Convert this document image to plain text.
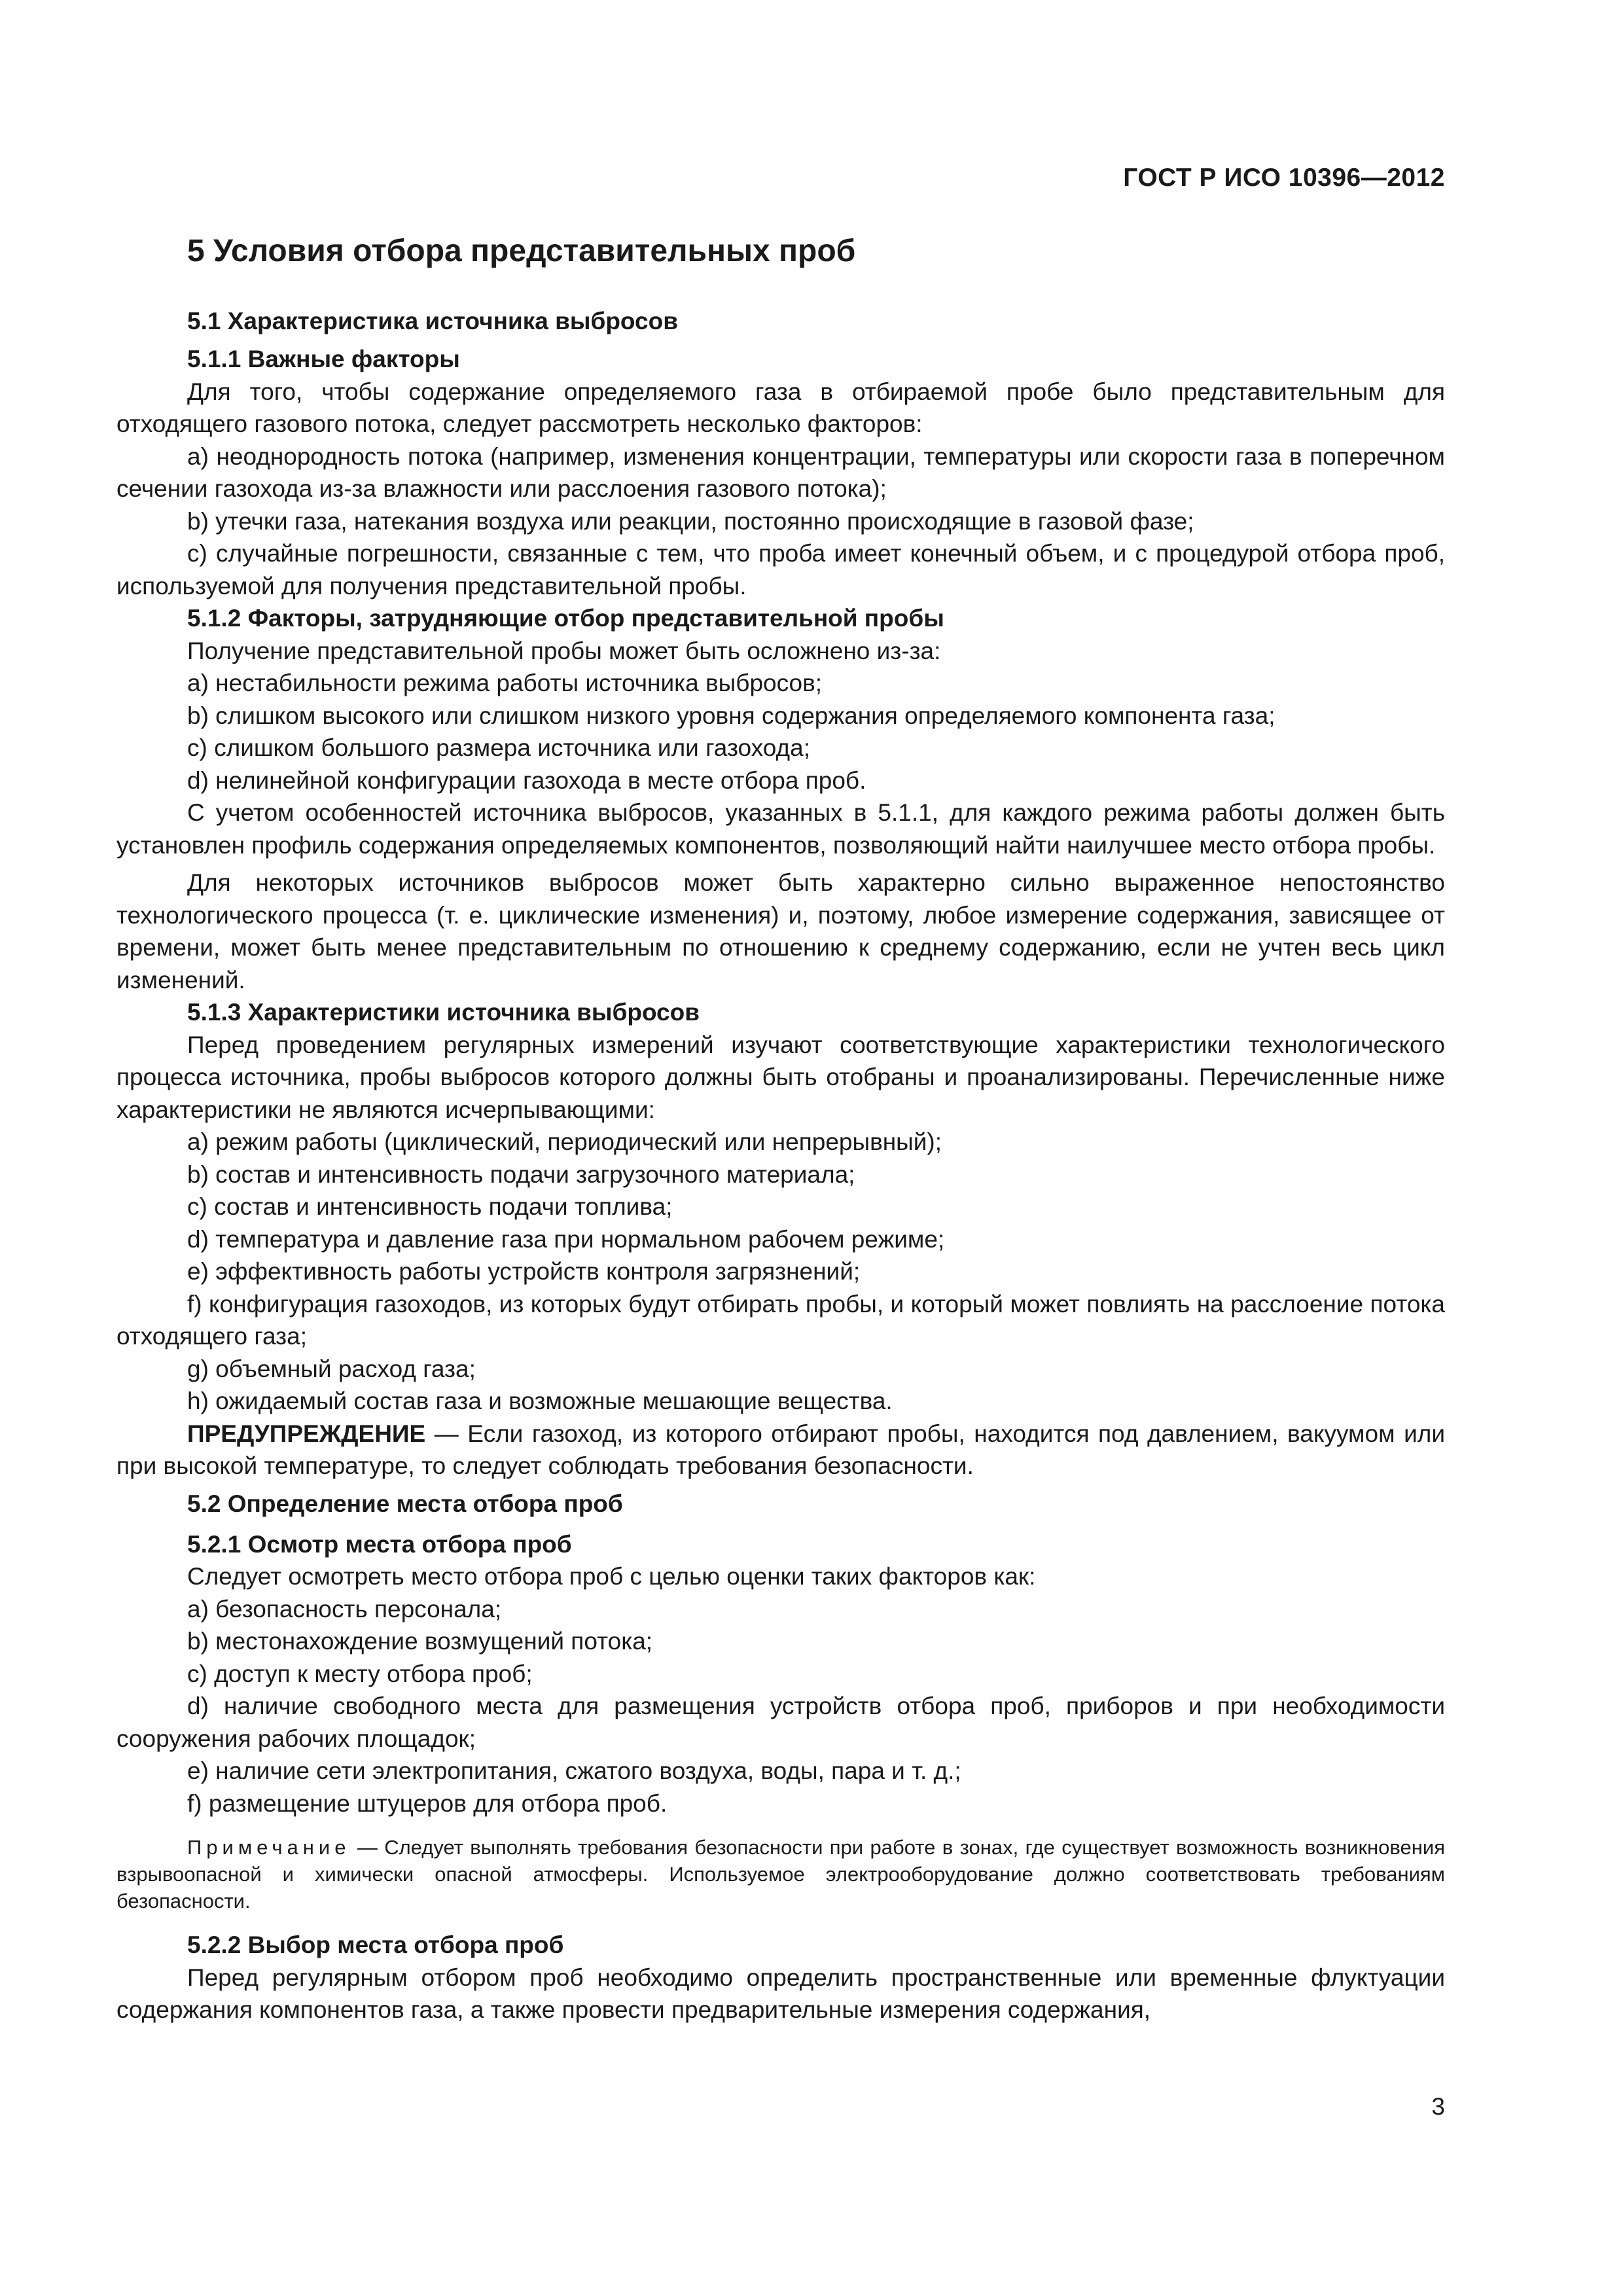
ГОСТ Р ИСО 10396—2012
5 Условия отбора представительных проб
5.1 Характеристика источника выбросов
5.1.1 Важные факторы

Для того, чтобы содержание определяемого газа в отбираемой пробе было представительным для отходящего газового потока, следует рассмотреть несколько факторов:

a) неоднородность потока (например, изменения концентрации, температуры или скорости газа в поперечном сечении газохода из-за влажности или расслоения газового потока);

b) утечки газа, натекания воздуха или реакции, постоянно происходящие в газовой фазе;

c) случайные погрешности, связанные с тем, что проба имеет конечный объем, и с процедурой отбора проб, используемой для получения представительной пробы.

5.1.2 Факторы, затрудняющие отбор представительной пробы

Получение представительной пробы может быть осложнено из-за:

a) нестабильности режима работы источника выбросов;

b) слишком высокого или слишком низкого уровня содержания определяемого компонента газа;

c) слишком большого размера источника или газохода;

d) нелинейной конфигурации газохода в месте отбора проб.

С учетом особенностей источника выбросов, указанных в 5.1.1, для каждого режима работы должен быть установлен профиль содержания определяемых компонентов, позволяющий найти наилучшее место отбора пробы.

Для некоторых источников выбросов может быть характерно сильно выраженное непостоянство технологического процесса (т. е. циклические изменения) и, поэтому, любое измерение содержания, зависящее от времени, может быть менее представительным по отношению к среднему содержанию, если не учтен весь цикл изменений.

5.1.3 Характеристики источника выбросов

Перед проведением регулярных измерений изучают соответствующие характеристики технологического процесса источника, пробы выбросов которого должны быть отобраны и проанализированы. Перечисленные ниже характеристики не являются исчерпывающими:

a) режим работы (циклический, периодический или непрерывный);

b) состав и интенсивность подачи загрузочного материала;

c) состав и интенсивность подачи топлива;

d) температура и давление газа при нормальном рабочем режиме;

e) эффективность работы устройств контроля загрязнений;

f) конфигурация газоходов, из которых будут отбирать пробы, и который может повлиять на расслоение потока отходящего газа;

g) объемный расход газа;

h) ожидаемый состав газа и возможные мешающие вещества.

ПРЕДУПРЕЖДЕНИЕ — Если газоход, из которого отбирают пробы, находится под давлением, вакуумом или при высокой температуре, то следует соблюдать требования безопасности.

5.2 Определение места отбора проб
5.2.1 Осмотр места отбора проб

Следует осмотреть место отбора проб с целью оценки таких факторов как:

a) безопасность персонала;

b) местонахождение возмущений потока;

c) доступ к месту отбора проб;

d) наличие свободного места для размещения устройств отбора проб, приборов и при необходимости сооружения рабочих площадок;

e) наличие сети электропитания, сжатого воздуха, воды, пара и т. д.;

f) размещение штуцеров для отбора проб.

Примечание — Следует выполнять требования безопасности при работе в зонах, где существует возможность возникновения взрывоопасной и химически опасной атмосферы. Используемое электрооборудование должно соответствовать требованиям безопасности.

5.2.2 Выбор места отбора проб

Перед регулярным отбором проб необходимо определить пространственные или временные флуктуации содержания компонентов газа, а также провести предварительные измерения содержания,

3
